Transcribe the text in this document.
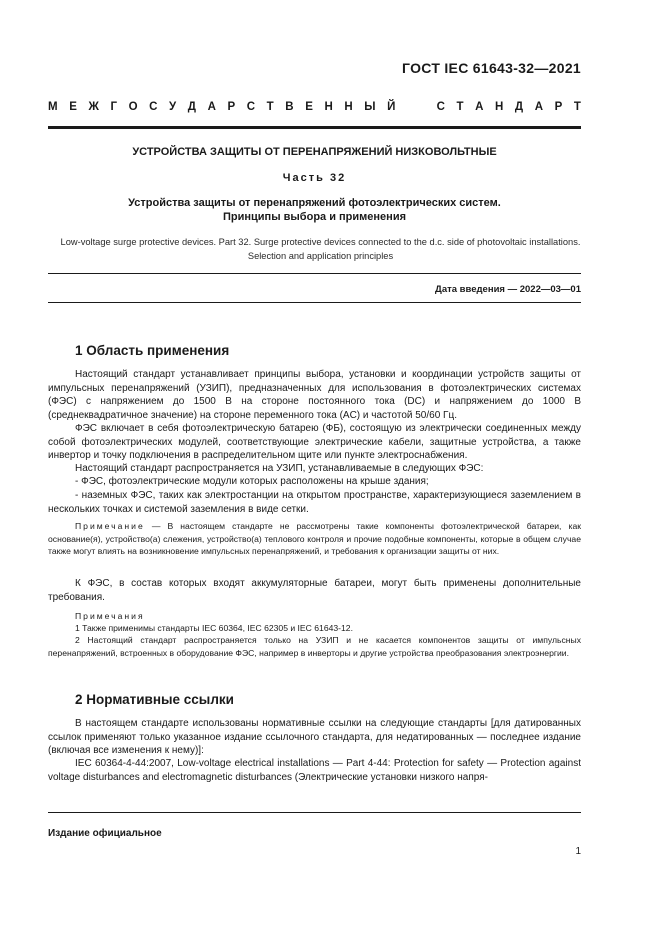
ГОСТ IEC 61643-32—2021
М Е Ж Г О С У Д А Р С Т В Е Н Н Ы Й

	С Т А Н Д А Р Т
УСТРОЙСТВА ЗАЩИТЫ ОТ ПЕРЕНАПРЯЖЕНИЙ НИЗКОВОЛЬТНЫЕ
Часть 32
Устройства защиты от перенапряжений фотоэлектрических систем.
Принципы выбора и применения
Low-voltage surge protective devices. Part 32. Surge protective devices connected to the d.c. side of photovoltaic installations. Selection and application principles
Дата введения — 2022—03—01
1 Область применения
Настоящий стандарт устанавливает принципы выбора, установки и координации устройств защиты от импульсных перенапряжений (УЗИП), предназначенных для использования в фотоэлектрических системах (ФЭС) с напряжением до 1500 В на стороне постоянного тока (DC) и напряжением до 1000 В (среднеквадратичное значение) на стороне переменного тока (AC) и частотой 50/60 Гц.
ФЭС включает в себя фотоэлектрическую батарею (ФБ), состоящую из электрически соединенных между собой фотоэлектрических модулей, соответствующие электрические кабели, защитные устройства, а также инвертор и точку подключения в распределительном щите или пункте электроснабжения.
Настоящий стандарт распространяется на УЗИП, устанавливаемые в следующих ФЭС:
- ФЭС, фотоэлектрические модули которых расположены на крыше здания;
- наземных ФЭС, таких как электростанции на открытом пространстве, характеризующиеся заземлением в нескольких точках и системой заземления в виде сетки.
Примечание — В настоящем стандарте не рассмотрены такие компоненты фотоэлектрической батареи, как основание(я), устройство(а) слежения, устройство(а) теплового контроля и прочие подобные компоненты, которые в общем случае также могут влиять на возникновение импульсных перенапряжений, и требования к организации защиты от них.
К ФЭС, в состав которых входят аккумуляторные батареи, могут быть применены дополнительные требования.
Примечания
1 Также применимы стандарты IEC 60364, IEC 62305 и IEC 61643-12.
2 Настоящий стандарт распространяется только на УЗИП и не касается компонентов защиты от импульсных перенапряжений, встроенных в оборудование ФЭС, например в инверторы и другие устройства преобразования электроэнергии.
2 Нормативные ссылки
В настоящем стандарте использованы нормативные ссылки на следующие стандарты [для датированных ссылок применяют только указанное издание ссылочного стандарта, для недатированных — последнее издание (включая все изменения к нему)]:
IEC 60364-4-44:2007, Low-voltage electrical installations — Part 4-44: Protection for safety — Protection against voltage disturbances and electromagnetic disturbances (Электрические установки низкого напря-
Издание официальное
1
